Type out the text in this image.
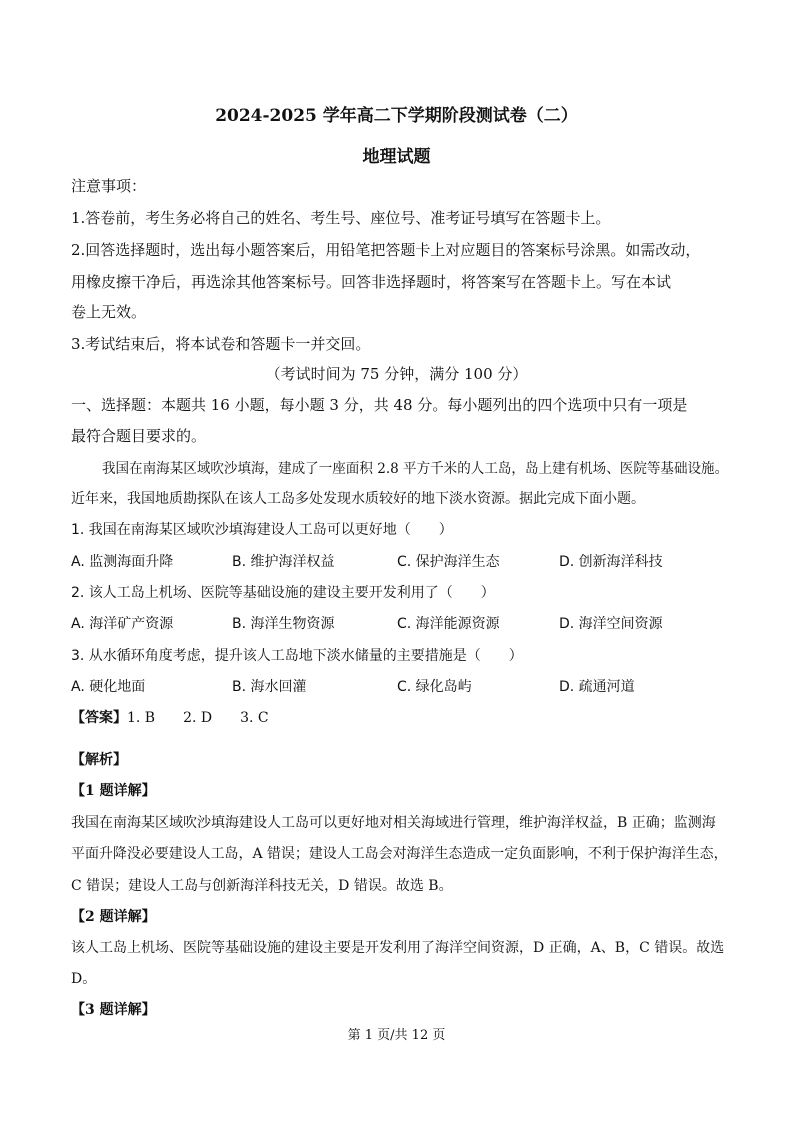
2024-2025 学年高二下学期阶段测试卷（二）
地理试题
注意事项：
1.答卷前，考生务必将自己的姓名、考生号、座位号、准考证号填写在答题卡上。
2.回答选择题时，选出每小题答案后，用铅笔把答题卡上对应题目的答案标号涂黑。如需改动，
用橡皮擦干净后，再选涂其他答案标号。回答非选择题时，将答案写在答题卡上。写在本试
卷上无效。
3.考试结束后，将本试卷和答题卡一并交回。
（考试时间为 75 分钟，满分 100 分）
一、选择题：本题共 16 小题，每小题 3 分，共 48 分。每小题列出的四个选项中只有一项是
最符合题目要求的。
我国在南海某区域吹沙填海，建成了一座面积 2.8 平方千米的人工岛，岛上建有机场、医院等基础设施。
近年来，我国地质勘探队在该人工岛多处发现水质较好的地下淡水资源。据此完成下面小题。
1. 我国在南海某区域吹沙填海建设人工岛可以更好地（　　）
A. 监测海面升降	B. 维护海洋权益	C. 保护海洋生态	D. 创新海洋科技
2. 该人工岛上机场、医院等基础设施的建设主要开发利用了（　　）
A. 海洋矿产资源	B. 海洋生物资源	C. 海洋能源资源	D. 海洋空间资源
3. 从水循环角度考虑，提升该人工岛地下淡水储量的主要措施是（　　）
A. 硬化地面	B. 海水回灌	C. 绿化岛屿	D. 疏通河道
【答案】1. B　　2. D　　3. C
【解析】
【1 题详解】
我国在南海某区域吹沙填海建设人工岛可以更好地对相关海域进行管理，维护海洋权益，B 正确；监测海
平面升降没必要建设人工岛，A 错误；建设人工岛会对海洋生态造成一定负面影响，不利于保护海洋生态，
C 错误；建设人工岛与创新海洋科技无关，D 错误。故选 B。
【2 题详解】
该人工岛上机场、医院等基础设施的建设主要是开发利用了海洋空间资源，D 正确，A、B，C 错误。故选
D。
【3 题详解】
第 1 页/共 12 页
